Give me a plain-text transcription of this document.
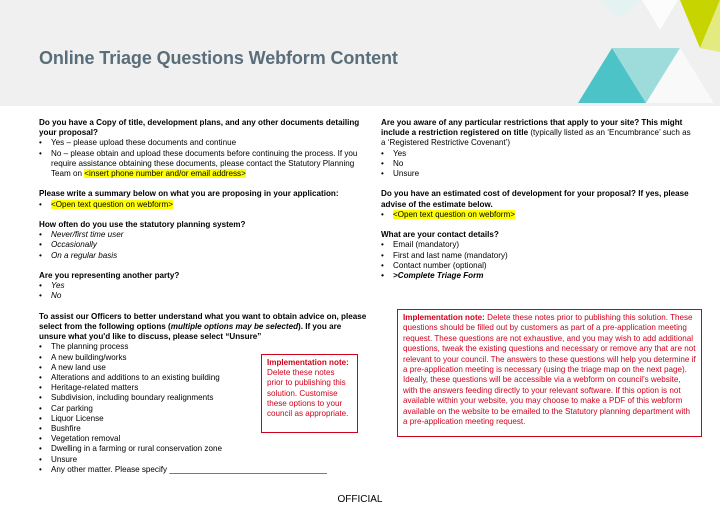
Online Triage Questions Webform Content
Do you have a Copy of title, development plans, and any other documents detailing your proposal?
• Yes – please upload these documents and continue
• No – please obtain and upload these documents before continuing the process. If you require assistance obtaining these documents, please contact the Statutory Planning Team on <insert phone number and/or email address>
Please write a summary below on what you are proposing in your application:
• <Open text question on webform>
How often do you use the statutory planning system?
• Never/first time user
• Occasionally
• On a regular basis
Are you representing another party?
• Yes
• No
To assist our Officers to better understand what you want to obtain advice on, please select from the following options (multiple options may be selected). If you are unsure what you'd like to discuss, please select “Unsure”
• The planning process
• A new building/works
• A new land use
• Alterations and additions to an existing building
• Heritage-related matters
• Subdivision, including boundary realignments
• Car parking
• Liquor License
• Bushfire
• Vegetation removal
• Dwelling in a farming or rural conservation zone
• Unsure
• Any other matter. Please specify ___________________________________
Are you aware of any particular restrictions that apply to your site? This might include a restriction registered on title (typically listed as an ‘Encumbrance’ such as a ‘Registered Restrictive Covenant’)
• Yes
• No
• Unsure
Do you have an estimated cost of development for your proposal? If yes, please advise of the estimate below.
• <Open text question on webform>
What are your contact details?
• Email (mandatory)
• First and last name (mandatory)
• Contact number (optional)
• >Complete Triage Form
Implementation note:
Delete these notes prior to publishing this solution. Customise these options to your council as appropriate.
Implementation note: Delete these notes prior to publishing this solution. These questions should be filled out by customers as part of a pre-application meeting request. These questions are not exhaustive, and you may wish to add additional questions, tweak the existing questions and necessary or remove any that are not relevant to your council. The answers to these questions will help you determine if a pre-application meeting is necessary (using the triage map on the next page). Ideally, these questions will be accessible via a webform on council's website, with the answers feeding directly to your relevant software. If this option is not available within your website, you may choose to make a PDF of this webform available on the website to be emailed to the Statutory planning department with a pre-application meeting request.
OFFICIAL
